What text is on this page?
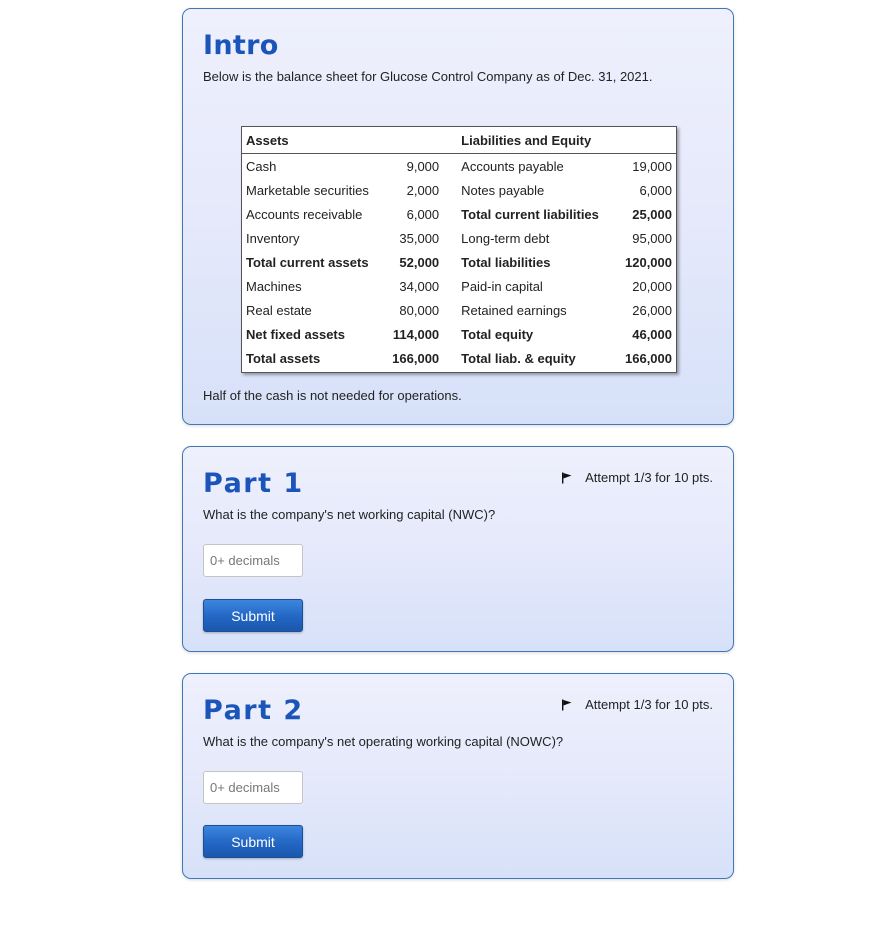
Intro

Below is the balance sheet for Glucose Control Company as of Dec. 31, 2021.

Assets		Liabilities and Equity	
Cash	9,000	Accounts payable	19,000
Marketable securities	2,000	Notes payable	6,000
Accounts receivable	6,000	Total current liabilities	25,000
Inventory	35,000	Long-term debt	95,000
Total current assets	52,000	Total liabilities	120,000
Machines	34,000	Paid-in capital	20,000
Real estate	80,000	Retained earnings	26,000
Net fixed assets	114,000	Total equity	46,000
Total assets	166,000	Total liab. & equity	166,000

Half of the cash is not needed for operations.

Part 1	Attempt 1/3 for 10 pts.

What is the company's net working capital (NWC)?

0+ decimals
Submit
Part 2	Attempt 1/3 for 10 pts.

What is the company's net operating working capital (NOWC)?

0+ decimals
Submit
